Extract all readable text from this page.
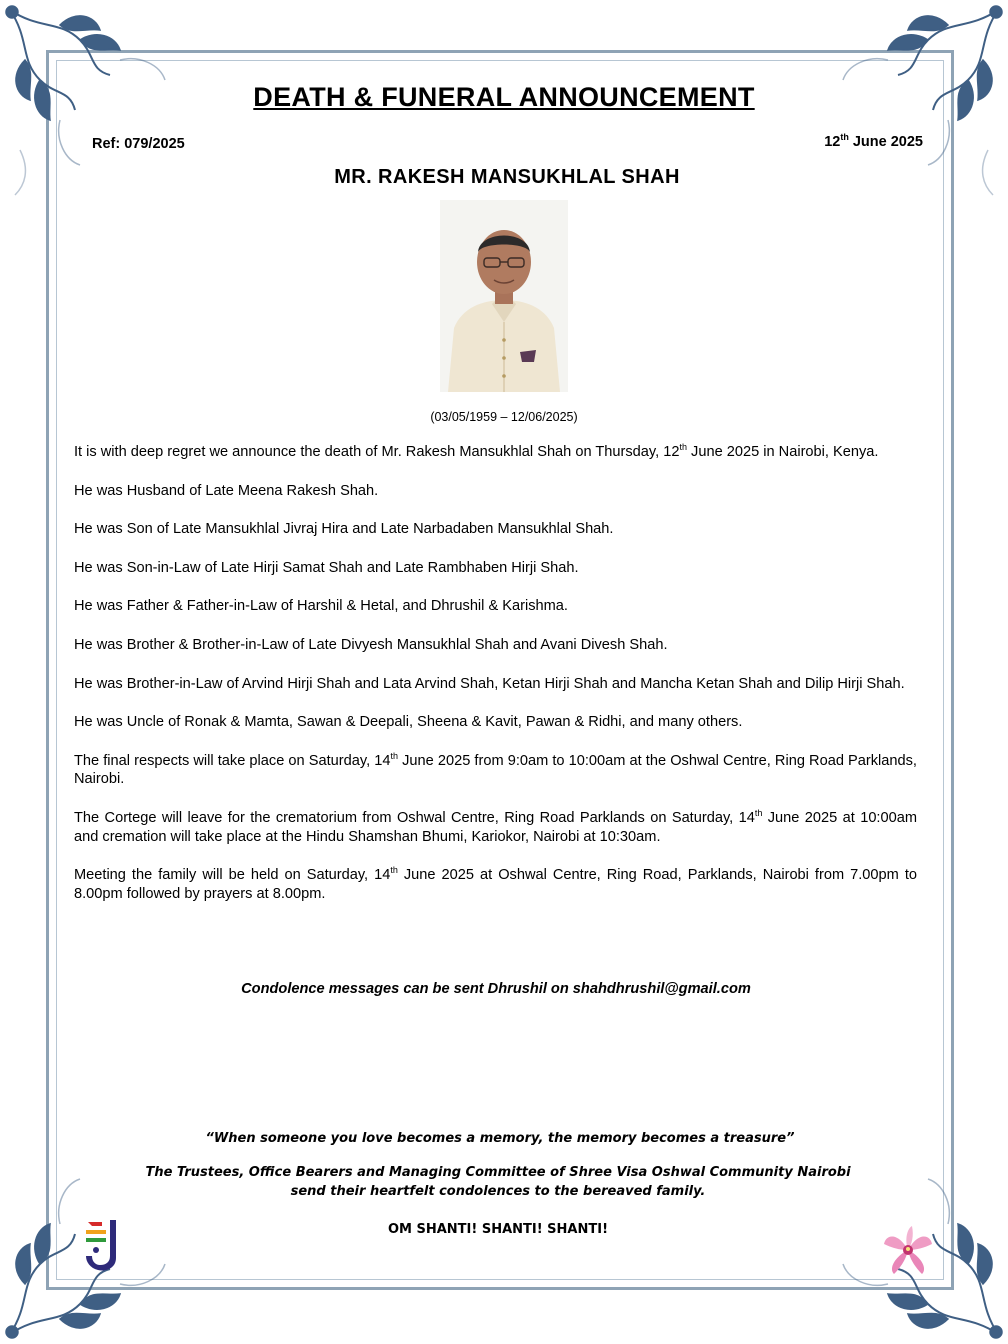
DEATH & FUNERAL ANNOUNCEMENT
Ref: 079/2025	12th June 2025
MR. RAKESH MANSUKHLAL SHAH
(03/05/1959 – 12/06/2025)

It is with deep regret we announce the death of Mr. Rakesh Mansukhlal Shah on Thursday, 12th June 2025 in Nairobi, Kenya.

He was Husband of Late Meena Rakesh Shah.

He was Son of Late Mansukhlal Jivraj Hira and Late Narbadaben Mansukhlal Shah.

He was Son-in-Law of Late Hirji Samat Shah and Late Rambhaben Hirji Shah.

He was Father & Father-in-Law of Harshil & Hetal, and Dhrushil & Karishma.

He was Brother & Brother-in-Law of Late Divyesh Mansukhlal Shah and Avani Divesh Shah.

He was Brother-in-Law of Arvind Hirji Shah and Lata Arvind Shah, Ketan Hirji Shah and Mancha Ketan Shah and Dilip Hirji Shah.

He was Uncle of Ronak & Mamta, Sawan & Deepali, Sheena & Kavit, Pawan & Ridhi, and many others.

The final respects will take place on Saturday, 14th June 2025 from 9:0am to 10:00am at the Oshwal Centre, Ring Road Parklands, Nairobi.

The Cortege will leave for the crematorium from Oshwal Centre, Ring Road Parklands on Saturday, 14th June 2025 at 10:00am and cremation will take place at the Hindu Shamshan Bhumi, Kariokor, Nairobi at 10:30am.

Meeting the family will be held on Saturday, 14th June 2025 at Oshwal Centre, Ring Road, Parklands, Nairobi from 7.00pm to 8.00pm followed by prayers at 8.00pm.

Condolence messages can be sent Dhrushil on shahdhrushil@gmail.com
“When someone you love becomes a memory, the memory becomes a treasure”
The Trustees, Office Bearers and Managing Committee of Shree Visa Oshwal Community Nairobi
send their heartfelt condolences to the bereaved family.
OM SHANTI! SHANTI! SHANTI!
